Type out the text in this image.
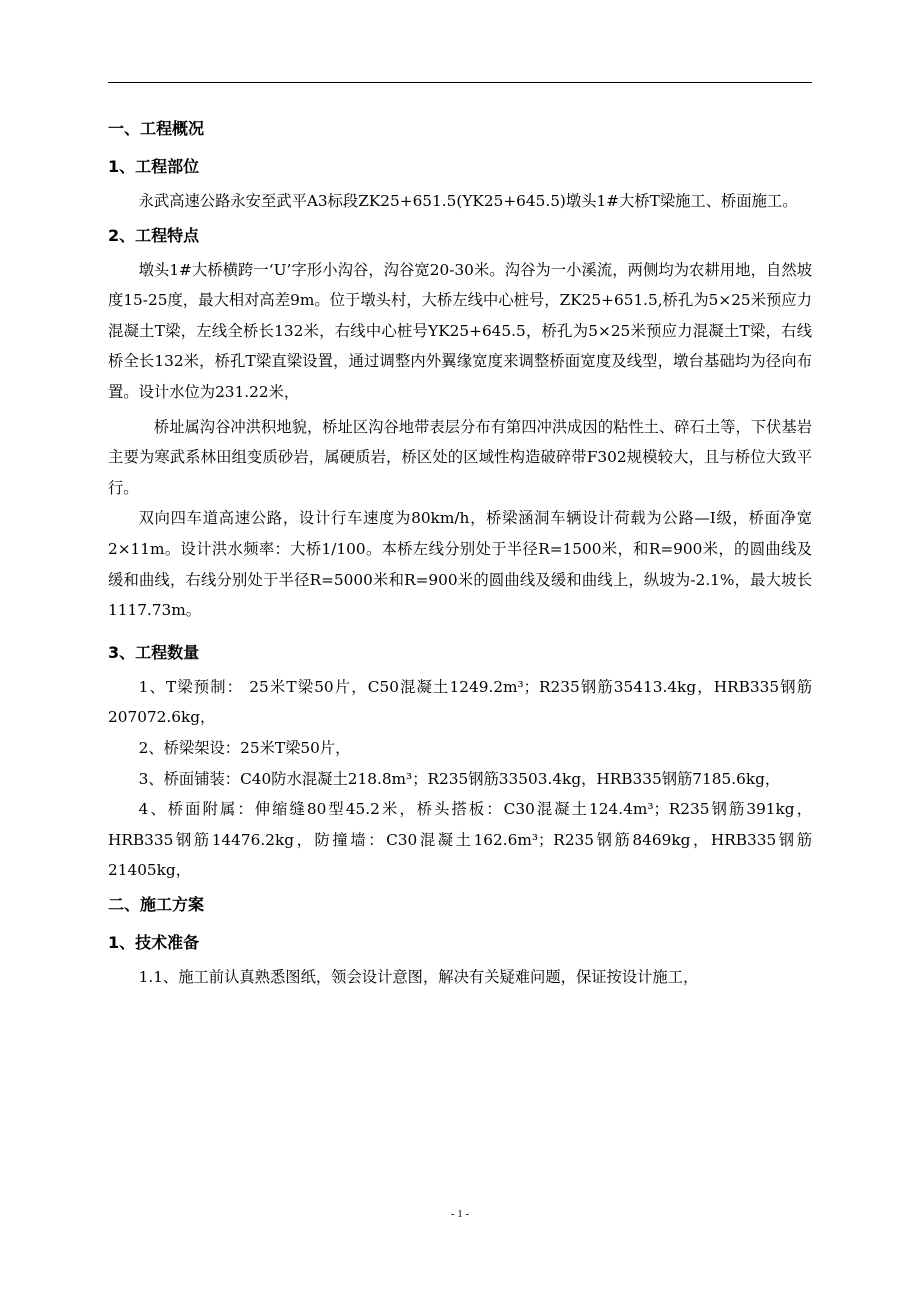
一、工程概况
1、工程部位

永武高速公路永安至武平A3标段ZK25+651.5(YK25+645.5)墩头1#大桥T梁施工、桥面施工。

2、工程特点

墩头1#大桥横跨一‘U’字形小沟谷，沟谷宽20-30米。沟谷为一小溪流，两侧均为农耕用地，自然坡度15-25度，最大相对高差9m。位于墩头村，大桥左线中心桩号，ZK25+651.5,桥孔为5×25米预应力混凝土T梁，左线全桥长132米，右线中心桩号YK25+645.5，桥孔为5×25米预应力混凝土T梁，右线桥全长132米，桥孔T梁直梁设置，通过调整内外翼缘宽度来调整桥面宽度及线型，墩台基础均为径向布置。设计水位为231.22米，

桥址属沟谷冲洪积地貌，桥址区沟谷地带表层分布有第四冲洪成因的粘性土、碎石土等，下伏基岩主要为寒武系林田组变质砂岩，属硬质岩，桥区处的区域性构造破碎带F302规模较大，且与桥位大致平行。

双向四车道高速公路，设计行车速度为80km/h，桥梁涵洞车辆设计荷载为公路—I级，桥面净宽2×11m。设计洪水频率：大桥1/100。本桥左线分别处于半径R=1500米，和R=900米，的圆曲线及缓和曲线，右线分别处于半径R=5000米和R=900米的圆曲线及缓和曲线上，纵坡为-2.1%，最大坡长1117.73m。

3、工程数量

1、T梁预制： 25米T梁50片，C50混凝土1249.2m³；R235钢筋35413.4kg，HRB335钢筋207072.6kg，

2、桥梁架设：25米T梁50片，

3、桥面铺装：C40防水混凝土218.8m³；R235钢筋33503.4kg，HRB335钢筋7185.6kg，

4、桥面附属：伸缩缝80型45.2米，桥头搭板：C30混凝土124.4m³；R235钢筋391kg，HRB335钢筋14476.2kg，防撞墙：C30混凝土162.6m³；R235钢筋8469kg，HRB335钢筋21405kg，

二、施工方案
1、技术准备

1.1、施工前认真熟悉图纸，领会设计意图，解决有关疑难问题，保证按设计施工，

- 1 -
